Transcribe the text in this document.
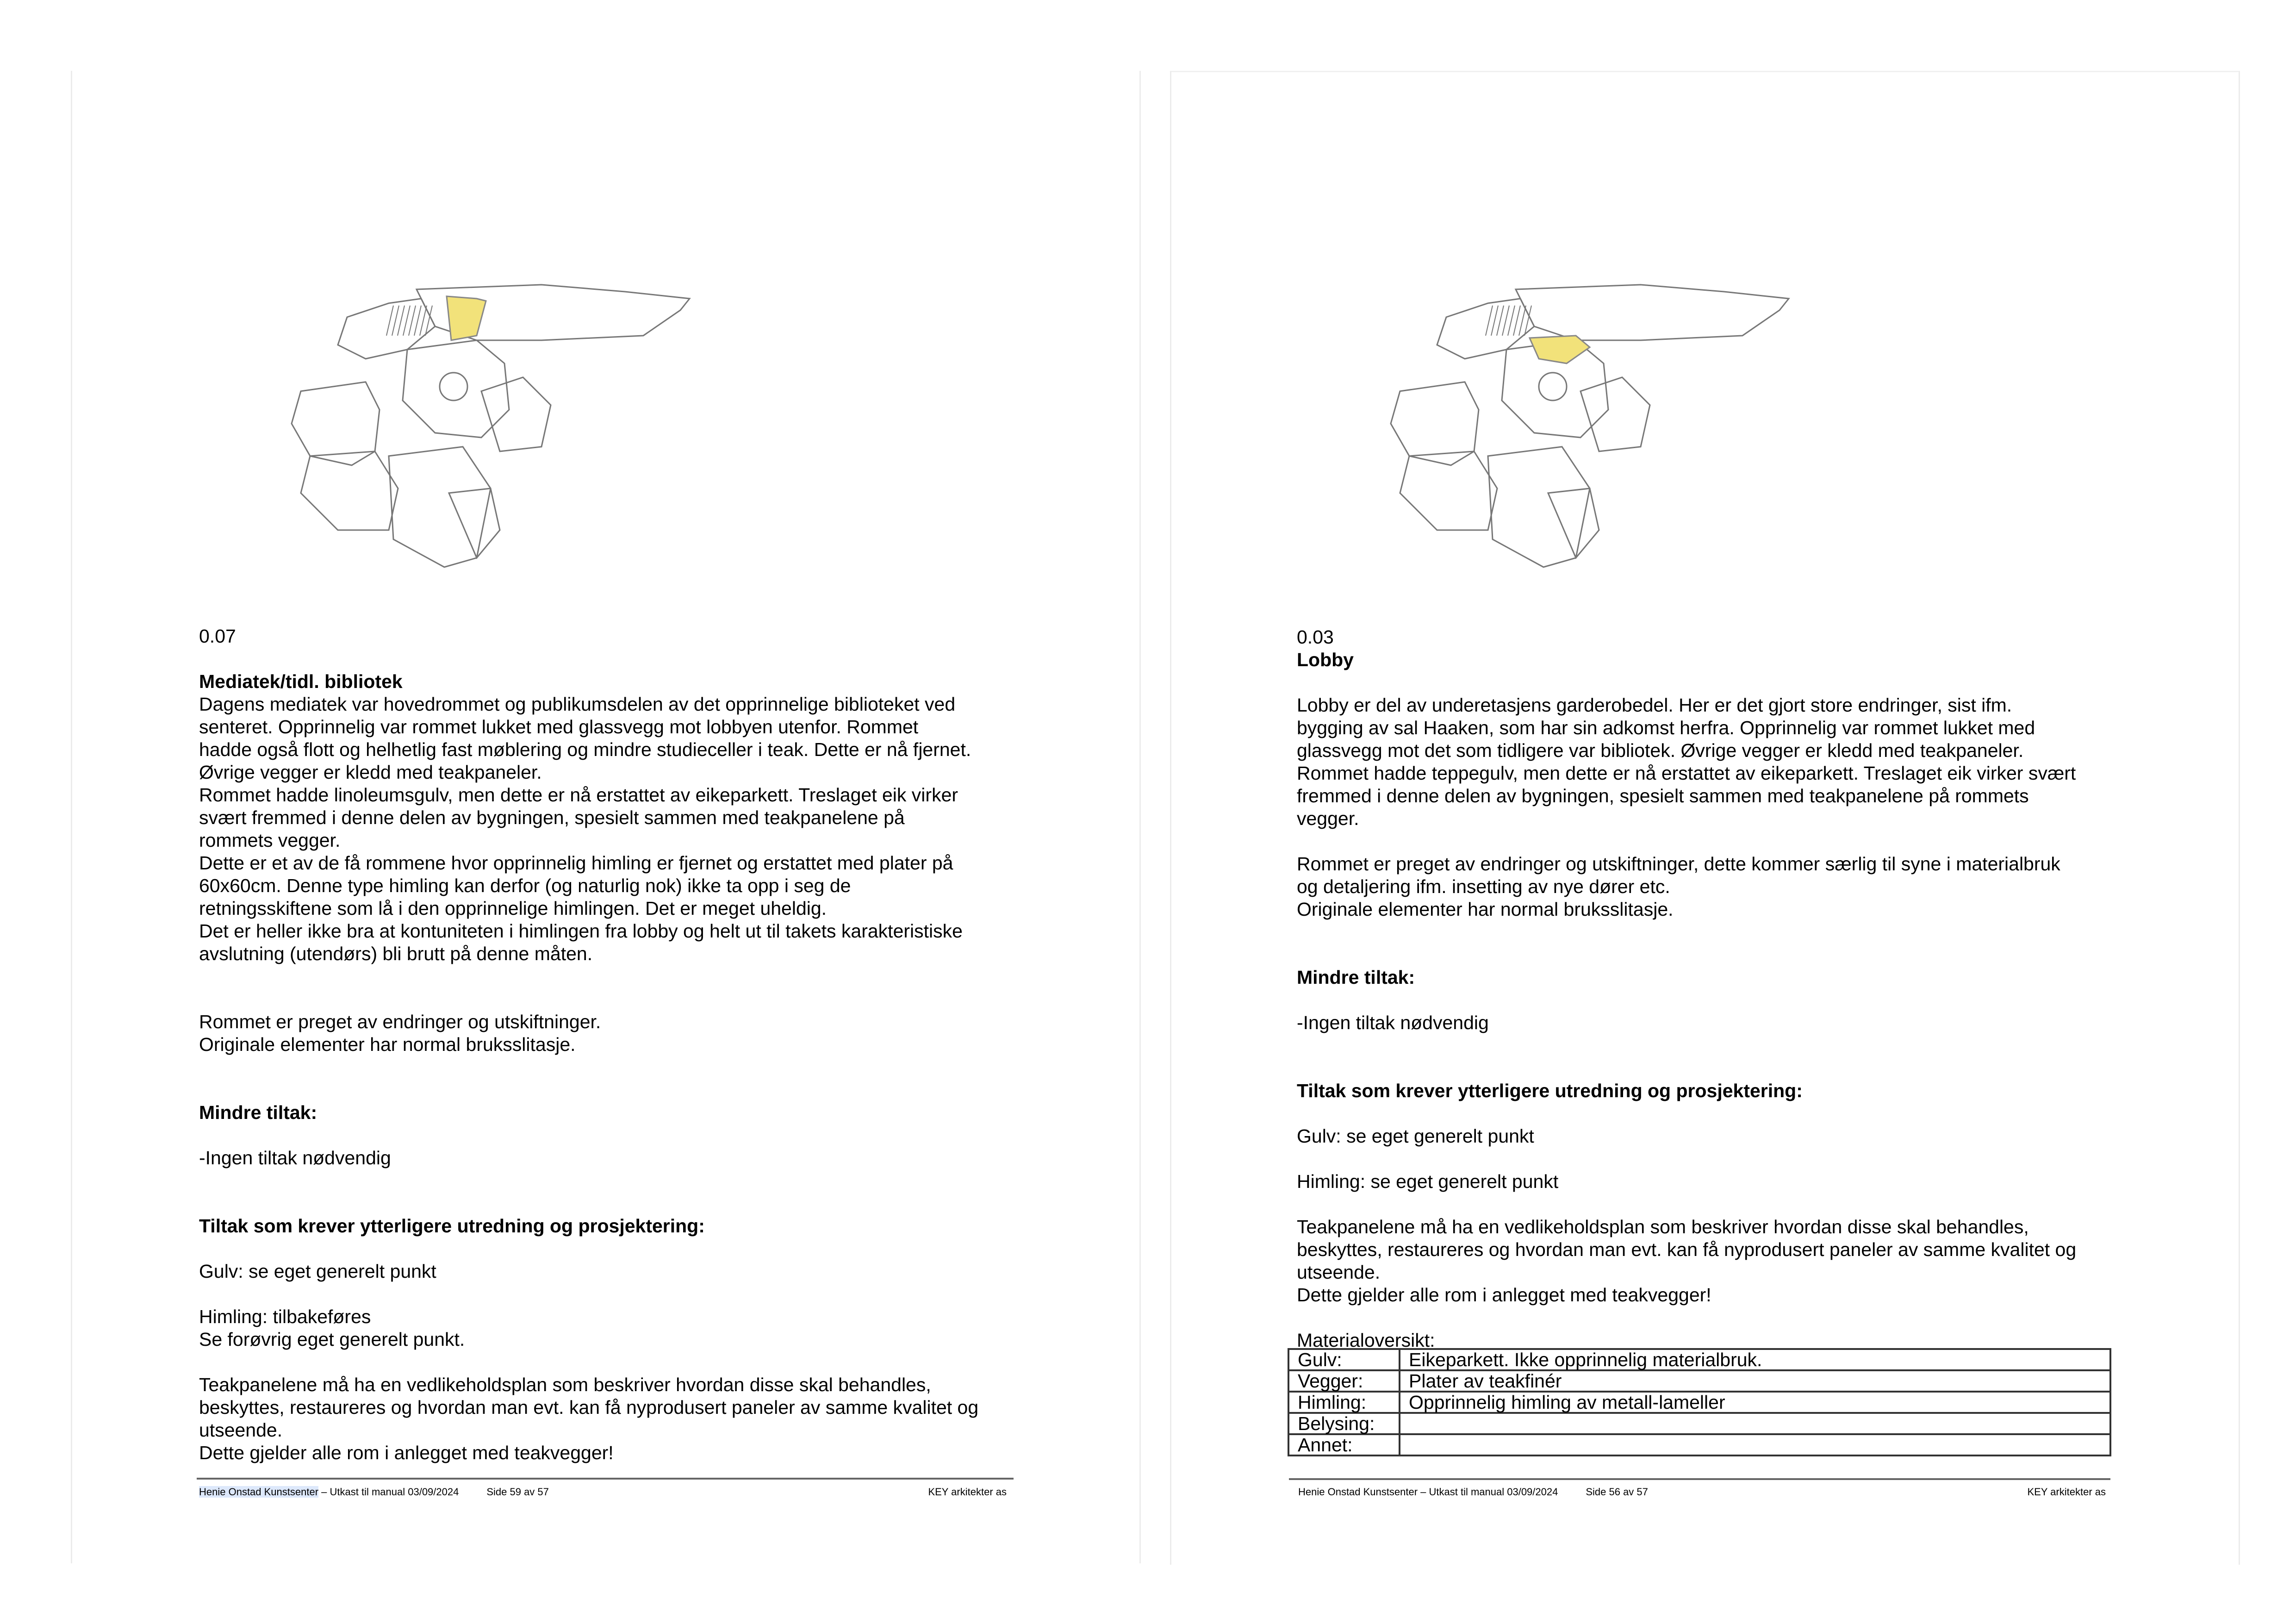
0.07
Mediatek/tidl. bibliotek
Dagens mediatek var hovedrommet og publikumsdelen av det opprinnelige biblioteket ved
senteret. Opprinnelig var rommet lukket med glassvegg mot lobbyen utenfor. Rommet
hadde også flott og helhetlig fast møblering og mindre studieceller i teak. Dette er nå fjernet.
Øvrige vegger er kledd med teakpaneler.
Rommet hadde linoleumsgulv, men dette er nå erstattet av eikeparkett. Treslaget eik virker
svært fremmed i denne delen av bygningen, spesielt sammen med teakpanelene på
rommets vegger.
Dette er et av de få rommene hvor opprinnelig himling er fjernet og erstattet med plater på
60x60cm. Denne type himling kan derfor (og naturlig nok) ikke ta opp i seg de
retningsskiftene som lå i den opprinnelige himlingen. Det er meget uheldig.
Det er heller ikke bra at kontuniteten i himlingen fra lobby og helt ut til takets karakteristiske
avslutning (utendørs) bli brutt på denne måten.
Rommet er preget av endringer og utskiftninger.
Originale elementer har normal bruksslitasje.
Mindre tiltak:
-Ingen tiltak nødvendig
Tiltak som krever ytterligere utredning og prosjektering:
Gulv: se eget generelt punkt
Himling: tilbakeføres
Se forøvrig eget generelt punkt.
Teakpanelene må ha en vedlikeholdsplan som beskriver hvordan disse skal behandles,
beskyttes, restaureres og hvordan man evt. kan få nyprodusert paneler av samme kvalitet og
utseende.
Dette gjelder alle rom i anlegget med teakvegger!
0.03
Lobby
Lobby er del av underetasjens garderobedel. Her er det gjort store endringer, sist ifm.
bygging av sal Haaken, som har sin adkomst herfra. Opprinnelig var rommet lukket med
glassvegg mot det som tidligere var bibliotek. Øvrige vegger er kledd med teakpaneler.
Rommet hadde teppegulv, men dette er nå erstattet av eikeparkett. Treslaget eik virker svært
fremmed i denne delen av bygningen, spesielt sammen med teakpanelene på rommets
vegger.
Rommet er preget av endringer og utskiftninger, dette kommer særlig til syne i materialbruk
og detaljering ifm. insetting av nye dører etc.
Originale elementer har normal bruksslitasje.
Mindre tiltak:
-Ingen tiltak nødvendig
Tiltak som krever ytterligere utredning og prosjektering:
Gulv: se eget generelt punkt
Himling: se eget generelt punkt
Teakpanelene må ha en vedlikeholdsplan som beskriver hvordan disse skal behandles,
beskyttes, restaureres og hvordan man evt. kan få nyprodusert paneler av samme kvalitet og
utseende.
Dette gjelder alle rom i anlegget med teakvegger!
Materialoversikt:
Gulv:	Eikeparkett. Ikke opprinnelig materialbruk.
Vegger:	Plater av teakfinér
Himling:	Opprinnelig himling av metall-lameller
Belysing:	
Annet:	
Henie Onstad Kunstsenter – Utkast til manual 03/09/2024	Side 59 av 57	KEY arkitekter as	Henie Onstad Kunstsenter – Utkast til manual 03/09/2024	Side 56 av 57	KEY arkitekter as
